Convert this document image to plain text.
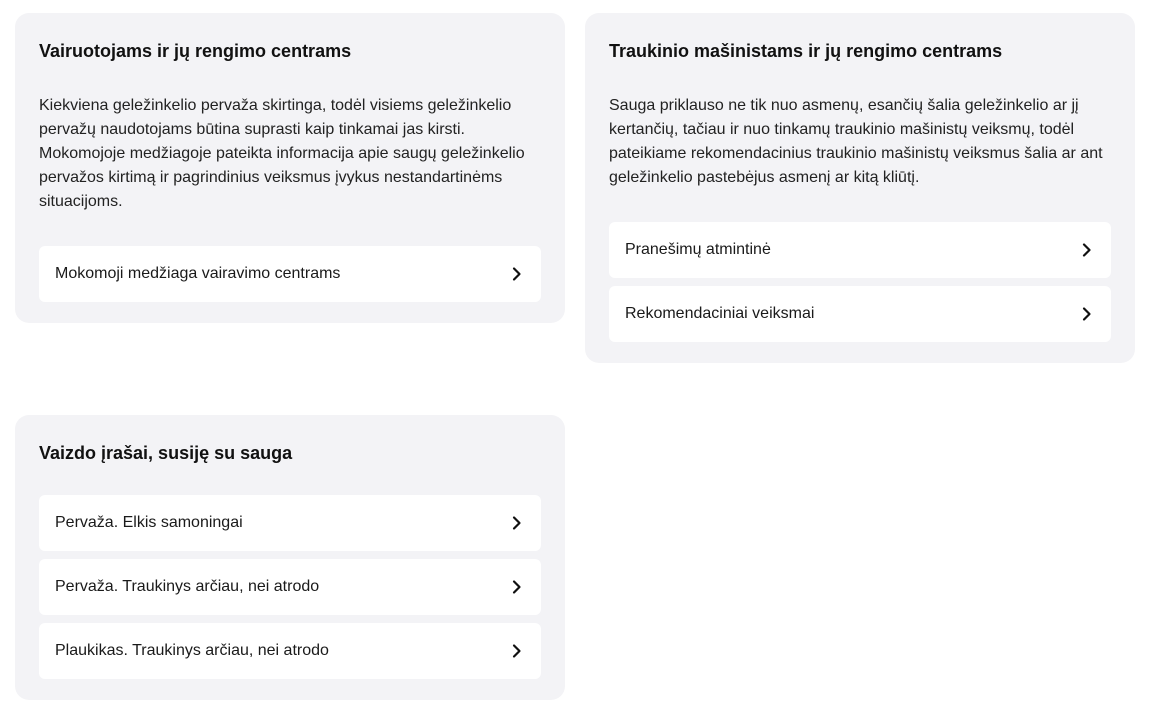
Vairuotojams ir jų rengimo centrams

Kiekviena geležinkelio pervaža skirtinga, todėl visiems geležinkelio pervažų naudotojams būtina suprasti kaip tinkamai jas kirsti. Mokomojoje medžiagoje pateikta informacija apie saugų geležinkelio pervažos kirtimą ir pagrindinius veiksmus įvykus nestandartinėms situacijoms.

Mokomoji medžiaga vairavimo centrams
Traukinio mašinistams ir jų rengimo centrams

Sauga priklauso ne tik nuo asmenų, esančių šalia geležinkelio ar jį kertančių, tačiau ir nuo tinkamų traukinio mašinistų veiksmų, todėl pateikiame rekomendacinius traukinio mašinistų veiksmus šalia ar ant geležinkelio pastebėjus asmenį ar kitą kliūtį.

Pranešimų atmintinė
Rekomendaciniai veiksmai
Vaizdo įrašai, susiję su sauga
Pervaža. Elkis samoningai
Pervaža. Traukinys arčiau, nei atrodo
Plaukikas. Traukinys arčiau, nei atrodo
